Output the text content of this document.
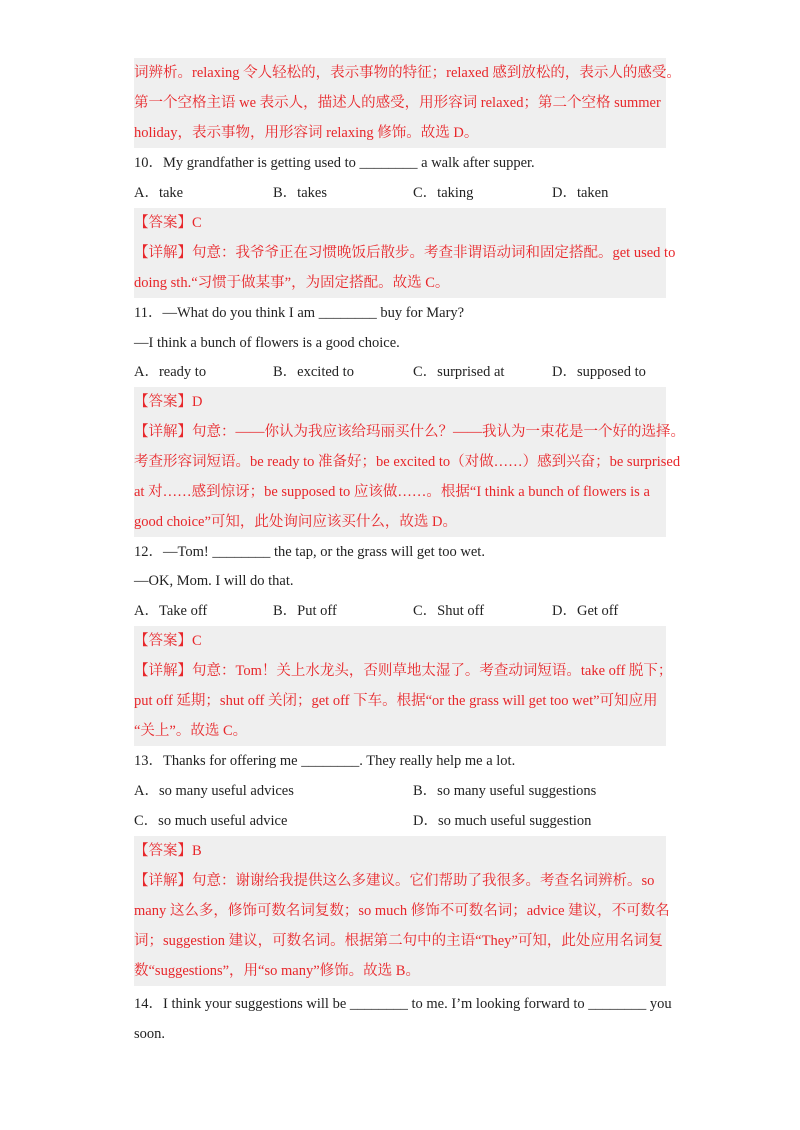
词辨析。relaxing 令人轻松的，表示事物的特征；relaxed 感到放松的，表示人的感受。
第一个空格主语 we 表示人，描述人的感受，用形容词 relaxed；第二个空格 summer
holiday，表示事物，用形容词 relaxing 修饰。故选 D。
10．My grandfather is getting used to ________ a walk after supper.
A．take	B．takes	C．taking	D．taken
【答案】C
【详解】句意：我爷爷正在习惯晚饭后散步。考查非谓语动词和固定搭配。get used to
doing sth.“习惯于做某事”，为固定搭配。故选 C。
11．—What do you think I am ________ buy for Mary?
—I think a bunch of flowers is a good choice.
A．ready to	B．excited to	C．surprised at	D．supposed to
【答案】D
【详解】句意：——你认为我应该给玛丽买什么？——我认为一束花是一个好的选择。
考查形容词短语。be ready to 准备好；be excited to（对做……）感到兴奋；be surprised
at 对……感到惊讶；be supposed to 应该做……。根据“I think a bunch of flowers is a
good choice”可知，此处询问应该买什么，故选 D。
12．—Tom! ________ the tap, or the grass will get too wet.
—OK, Mom. I will do that.
A．Take off	B．Put off	C．Shut off	D．Get off
【答案】C
【详解】句意：Tom！关上水龙头，否则草地太湿了。考查动词短语。take off 脱下；
put off 延期；shut off 关闭；get off 下车。根据“or the grass will get too wet”可知应用
“关上”。故选 C。
13．Thanks for offering me ________. They really help me a lot.
A．so many useful advices	B．so many useful suggestions
C．so much useful advice	D．so much useful suggestion
【答案】B
【详解】句意：谢谢给我提供这么多建议。它们帮助了我很多。考查名词辨析。so
many 这么多，修饰可数名词复数；so much 修饰不可数名词；advice 建议，不可数名
词；suggestion 建议，可数名词。根据第二句中的主语“They”可知，此处应用名词复
数“suggestions”，用“so many”修饰。故选 B。
14．I think your suggestions will be ________ to me. I’m looking forward to ________ you
soon.
